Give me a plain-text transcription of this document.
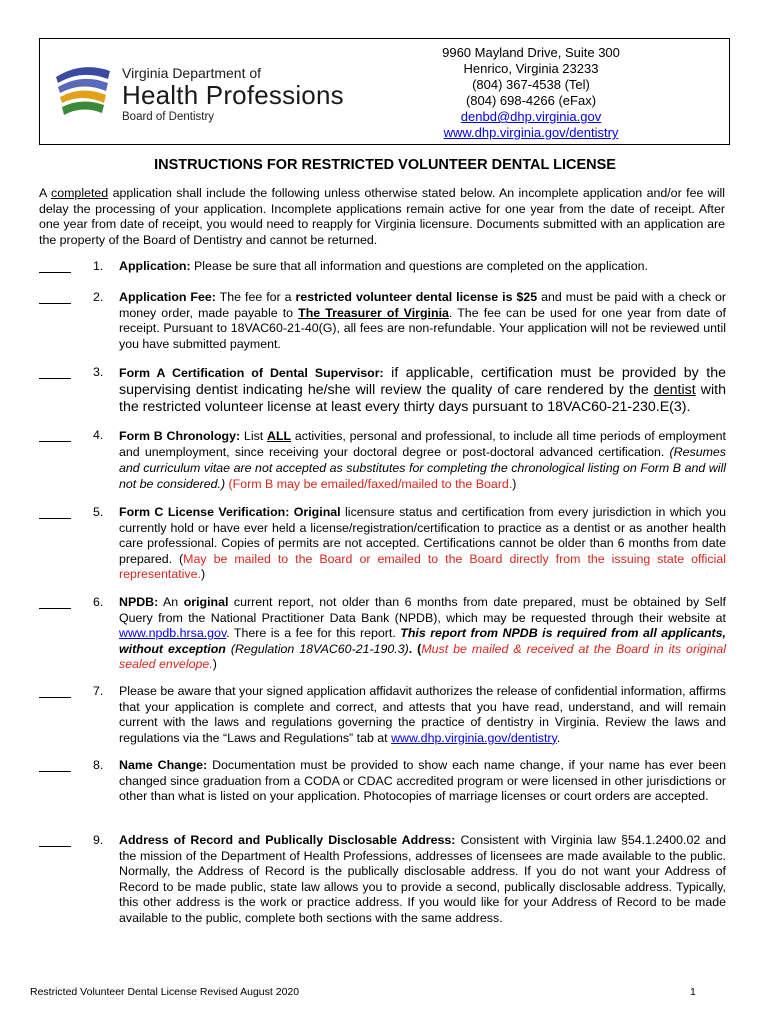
Virginia Department of
Health Professions
Board of Dentistry
9960 Mayland Drive, Suite 300
Henrico, Virginia 23233
(804) 367-4538 (Tel)
(804) 698-4266 (eFax)
denbd@dhp.virginia.gov
www.dhp.virginia.gov/dentistry
INSTRUCTIONS FOR RESTRICTED VOLUNTEER DENTAL LICENSE
A completed application shall include the following unless otherwise stated below. An incomplete application and/or fee will delay the processing of your application. Incomplete applications remain active for one year from the date of receipt. After one year from date of receipt, you would need to reapply for Virginia licensure. Documents submitted with an application are the property of the Board of Dentistry and cannot be returned.
1. Application: Please be sure that all information and questions are completed on the application.
2. Application Fee: The fee for a restricted volunteer dental license is $25 and must be paid with a check or money order, made payable to The Treasurer of Virginia. The fee can be used for one year from date of receipt. Pursuant to 18VAC60-21-40(G), all fees are non-refundable. Your application will not be reviewed until you have submitted payment.
3. Form A Certification of Dental Supervisor: if applicable, certification must be provided by the supervising dentist indicating he/she will review the quality of care rendered by the dentist with the restricted volunteer license at least every thirty days pursuant to 18VAC60-21-230.E(3).
4. Form B Chronology: List ALL activities, personal and professional, to include all time periods of employment and unemployment, since receiving your doctoral degree or post-doctoral advanced certification. (Resumes and curriculum vitae are not accepted as substitutes for completing the chronological listing on Form B and will not be considered.) (Form B may be emailed/faxed/mailed to the Board.)
5. Form C License Verification: Original licensure status and certification from every jurisdiction in which you currently hold or have ever held a license/registration/certification to practice as a dentist or as another health care professional. Copies of permits are not accepted. Certifications cannot be older than 6 months from date prepared. (May be mailed to the Board or emailed to the Board directly from the issuing state official representative.)
6. NPDB: An original current report, not older than 6 months from date prepared, must be obtained by Self Query from the National Practitioner Data Bank (NPDB), which may be requested through their website at www.npdb.hrsa.gov. There is a fee for this report. This report from NPDB is required from all applicants, without exception (Regulation 18VAC60-21-190.3). (Must be mailed & received at the Board in its original sealed envelope.)
7. Please be aware that your signed application affidavit authorizes the release of confidential information, affirms that your application is complete and correct, and attests that you have read, understand, and will remain current with the laws and regulations governing the practice of dentistry in Virginia. Review the laws and regulations via the “Laws and Regulations” tab at www.dhp.virginia.gov/dentistry.
8. Name Change: Documentation must be provided to show each name change, if your name has ever been changed since graduation from a CODA or CDAC accredited program or were licensed in other jurisdictions or other than what is listed on your application. Photocopies of marriage licenses or court orders are accepted.
9. Address of Record and Publically Disclosable Address: Consistent with Virginia law §54.1.2400.02 and the mission of the Department of Health Professions, addresses of licensees are made available to the public. Normally, the Address of Record is the publically disclosable address. If you do not want your Address of Record to be made public, state law allows you to provide a second, publically disclosable address. Typically, this other address is the work or practice address. If you would like for your Address of Record to be made available to the public, complete both sections with the same address.
Restricted Volunteer Dental License Revised August 2020	1
